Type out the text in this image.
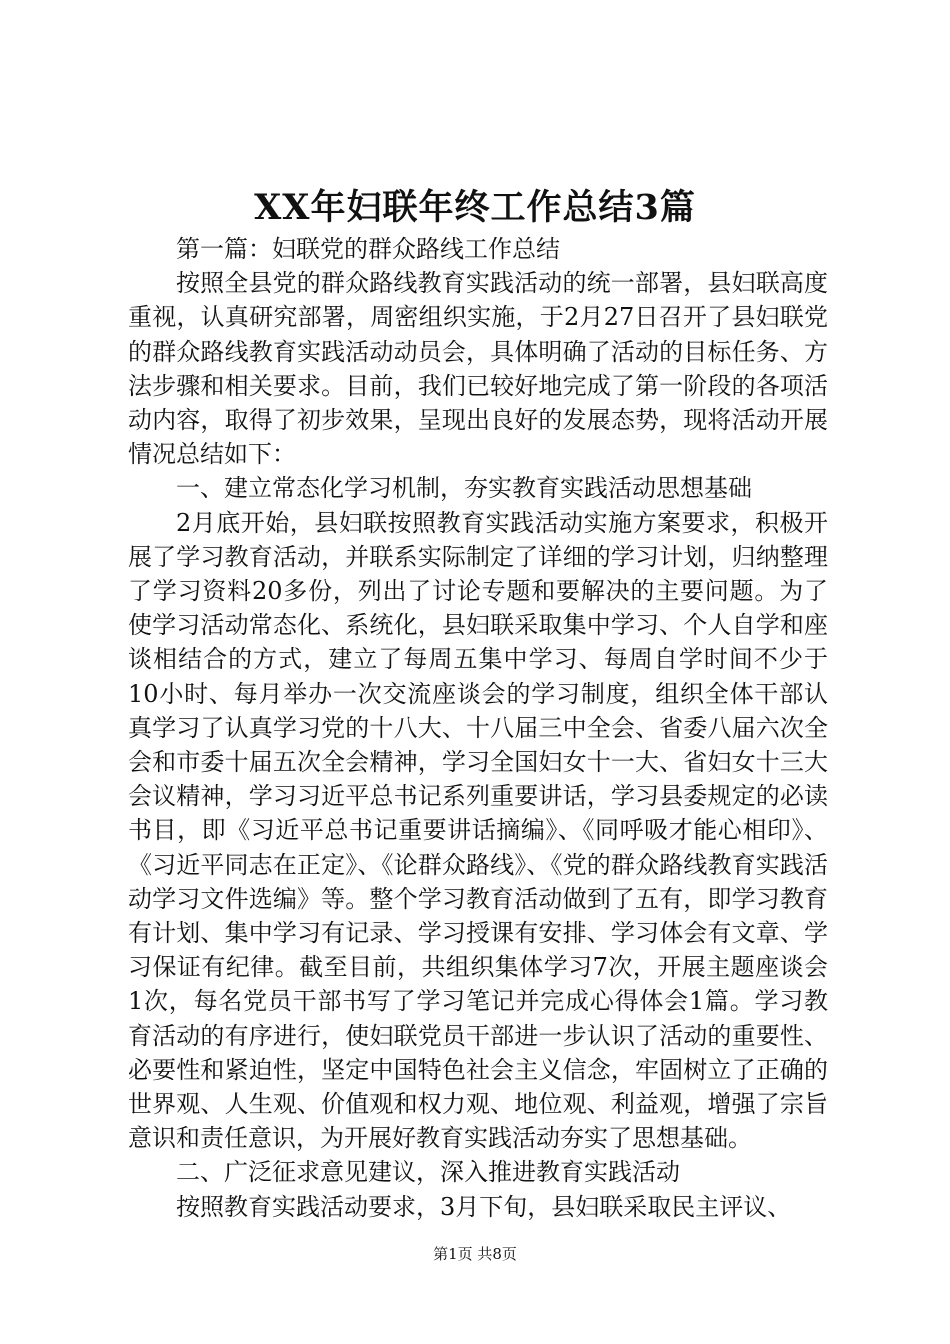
XX年妇联年终工作总结3篇

第一篇：妇联党的群众路线工作总结

按照全县党的群众路线教育实践活动的统一部署，县妇联高度重视，认真研究部署，周密组织实施，于2月27日召开了县妇联党的群众路线教育实践活动动员会，具体明确了活动的目标任务、方法步骤和相关要求。目前，我们已较好地完成了第一阶段的各项活动内容，取得了初步效果，呈现出良好的发展态势，现将活动开展情况总结如下：

一、建立常态化学习机制，夯实教育实践活动思想基础

2月底开始，县妇联按照教育实践活动实施方案要求，积极开展了学习教育活动，并联系实际制定了详细的学习计划，归纳整理了学习资料20多份，列出了讨论专题和要解决的主要问题。为了使学习活动常态化、系统化，县妇联采取集中学习、个人自学和座谈相结合的方式，建立了每周五集中学习、每周自学时间不少于10小时、每月举办一次交流座谈会的学习制度，组织全体干部认真学习了认真学习党的十八大、十八届三中全会、省委八届六次全会和市委十届五次全会精神，学习全国妇女十一大、省妇女十三大会议精神，学习习近平总书记系列重要讲话，学习县委规定的必读书目，即《习近平总书记重要讲话摘编》、《同呼吸才能心相印》、《习近平同志在正定》、《论群众路线》、《党的群众路线教育实践活动学习文件选编》等。整个学习教育活动做到了五有，即学习教育有计划、集中学习有记录、学习授课有安排、学习体会有文章、学习保证有纪律。截至目前，共组织集体学习7次，开展主题座谈会1次，每名党员干部书写了学习笔记并完成心得体会1篇。学习教育活动的有序进行，使妇联党员干部进一步认识了活动的重要性、必要性和紧迫性，坚定中国特色社会主义信念，牢固树立了正确的世界观、人生观、价值观和权力观、地位观、利益观，增强了宗旨意识和责任意识，为开展好教育实践活动夯实了思想基础。

二、广泛征求意见建议，深入推进教育实践活动

按照教育实践活动要求，3月下旬，县妇联采取民主评议、

第1页 共8页
